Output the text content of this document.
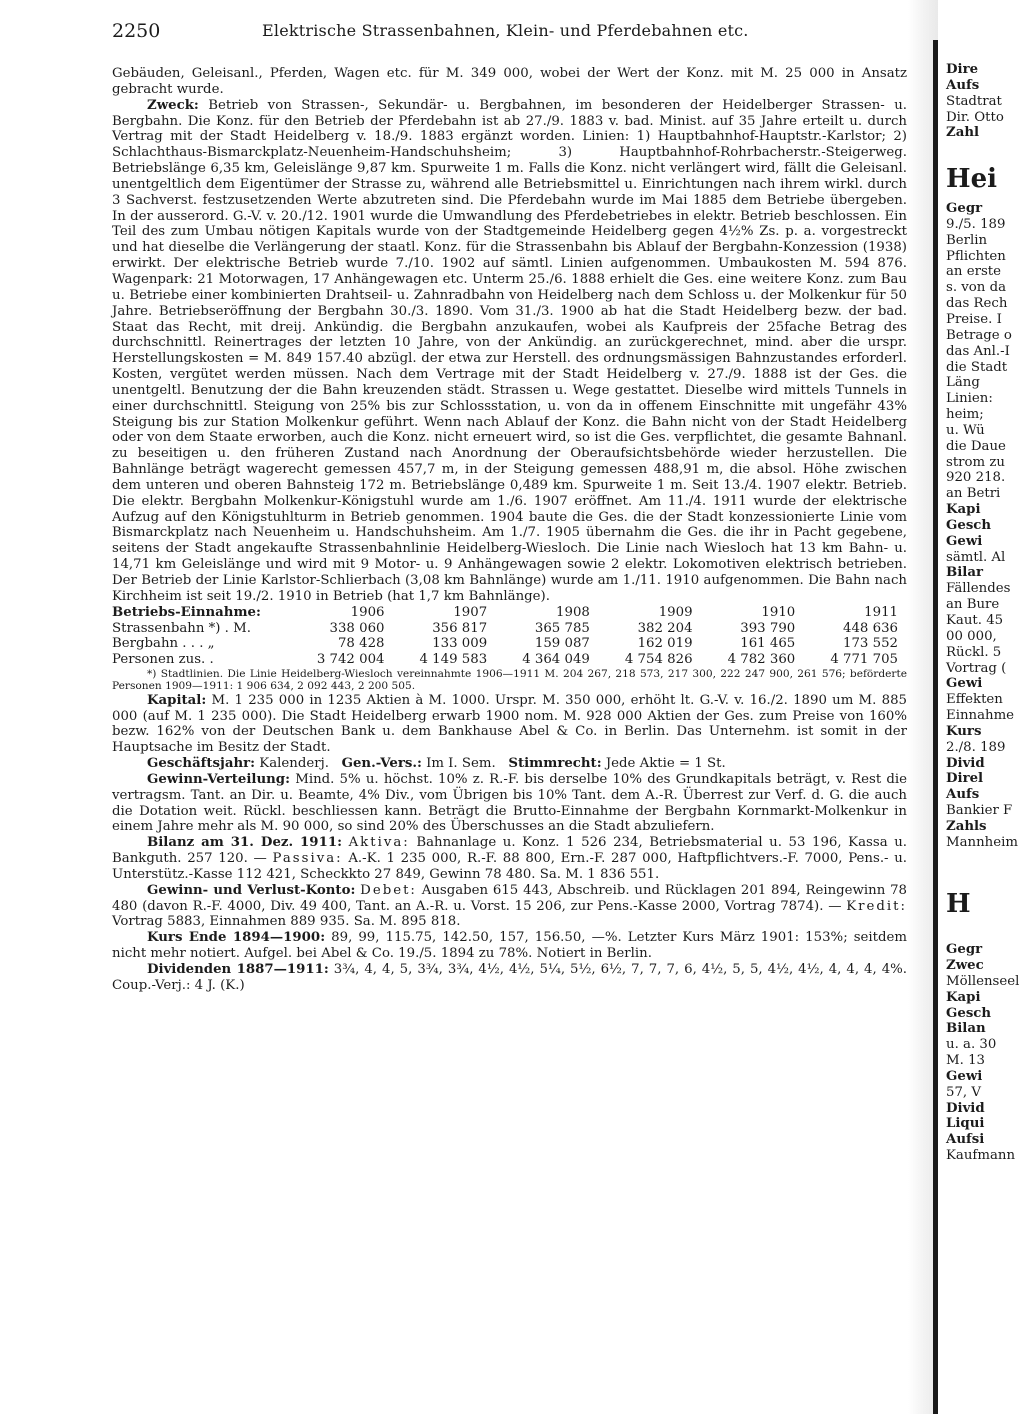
2250	Elektrische Strassenbahnen, Klein- und Pferdebahnen etc.

Gebäuden, Geleisanl., Pferden, Wagen etc. für M. 349 000, wobei der Wert der Konz. mit M. 25 000 in Ansatz gebracht wurde.

Zweck: Betrieb von Strassen-, Sekundär- u. Bergbahnen, im besonderen der Heidelberger Strassen- u. Bergbahn. Die Konz. für den Betrieb der Pferdebahn ist ab 27./9. 1883 v. bad. Minist. auf 35 Jahre erteilt u. durch Vertrag mit der Stadt Heidelberg v. 18./9. 1883 ergänzt worden. Linien: 1) Hauptbahnhof-Hauptstr.-Karlstor; 2) Schlachthaus-Bismarckplatz-Neuenheim-Handschuhsheim; 3) Hauptbahnhof-Rohrbacherstr.-Steigerweg. Betriebslänge 6,35 km, Geleislänge 9,87 km. Spurweite 1 m. Falls die Konz. nicht verlängert wird, fällt die Geleisanl. unentgeltlich dem Eigentümer der Strasse zu, während alle Betriebsmittel u. Einrichtungen nach ihrem wirkl. durch 3 Sachverst. festzusetzenden Werte abzutreten sind. Die Pferdebahn wurde im Mai 1885 dem Betriebe übergeben. In der ausserord. G.-V. v. 20./12. 1901 wurde die Umwandlung des Pferdebetriebes in elektr. Betrieb beschlossen. Ein Teil des zum Umbau nötigen Kapitals wurde von der Stadtgemeinde Heidelberg gegen 4½% Zs. p. a. vorgestreckt und hat dieselbe die Verlängerung der staatl. Konz. für die Strassenbahn bis Ablauf der Bergbahn-Konzession (1938) erwirkt. Der elektrische Betrieb wurde 7./10. 1902 auf sämtl. Linien aufgenommen. Umbaukosten M. 594 876. Wagenpark: 21 Motorwagen, 17 Anhängewagen etc. Unterm 25./6. 1888 erhielt die Ges. eine weitere Konz. zum Bau u. Betriebe einer kombinierten Drahtseil- u. Zahnradbahn von Heidelberg nach dem Schloss u. der Molkenkur für 50 Jahre. Betriebseröffnung der Bergbahn 30./3. 1890. Vom 31./3. 1900 ab hat die Stadt Heidelberg bezw. der bad. Staat das Recht, mit dreij. Ankündig. die Bergbahn anzukaufen, wobei als Kaufpreis der 25fache Betrag des durchschnittl. Reinertrages der letzten 10 Jahre, von der Ankündig. an zurückgerechnet, mind. aber die urspr. Herstellungskosten = M. 849 157.40 abzügl. der etwa zur Herstell. des ordnungsmässigen Bahnzustandes erforderl. Kosten, vergütet werden müssen. Nach dem Vertrage mit der Stadt Heidelberg v. 27./9. 1888 ist der Ges. die unentgeltl. Benutzung der die Bahn kreuzenden städt. Strassen u. Wege gestattet. Dieselbe wird mittels Tunnels in einer durchschnittl. Steigung von 25% bis zur Schlossstation, u. von da in offenem Einschnitte mit ungefähr 43% Steigung bis zur Station Molkenkur geführt. Wenn nach Ablauf der Konz. die Bahn nicht von der Stadt Heidelberg oder von dem Staate erworben, auch die Konz. nicht erneuert wird, so ist die Ges. verpflichtet, die gesamte Bahnanl. zu beseitigen u. den früheren Zustand nach Anordnung der Oberaufsichtsbehörde wieder herzustellen. Die Bahnlänge beträgt wagerecht gemessen 457,7 m, in der Steigung gemessen 488,91 m, die absol. Höhe zwischen dem unteren und oberen Bahnsteig 172 m. Betriebslänge 0,489 km. Spurweite 1 m. Seit 13./4. 1907 elektr. Betrieb. Die elektr. Bergbahn Molkenkur-Königstuhl wurde am 1./6. 1907 eröffnet. Am 11./4. 1911 wurde der elektrische Aufzug auf den Königstuhlturm in Betrieb genommen. 1904 baute die Ges. die der Stadt konzessionierte Linie vom Bismarckplatz nach Neuenheim u. Handschuhsheim. Am 1./7. 1905 übernahm die Ges. die ihr in Pacht gegebene, seitens der Stadt angekaufte Strassenbahnlinie Heidelberg-Wiesloch. Die Linie nach Wiesloch hat 13 km Bahn- u. 14,71 km Geleislänge und wird mit 9 Motor- u. 9 Anhängewagen sowie 2 elektr. Lokomotiven elektrisch betrieben. Der Betrieb der Linie Karlstor-Schlierbach (3,08 km Bahnlänge) wurde am 1./11. 1910 aufgenommen. Die Bahn nach Kirchheim ist seit 19./2. 1910 in Betrieb (hat 1,7 km Bahnlänge).

Betriebs-Einnahme:	1906	1907	1908	1909	1910	1911
Strassenbahn *) . M.	338 060	356 817	365 785	382 204	393 790	448 636
Bergbahn . . . „	78 428	133 009	159 087	162 019	161 465	173 552
Personen zus. .	3 742 004	4 149 583	4 364 049	4 754 826	4 782 360	4 771 705

*) Stadtlinien. Die Linie Heidelberg-Wiesloch vereinnahmte 1906—1911 M. 204 267, 218 573, 217 300, 222 247 900, 261 576; beförderte Personen 1909—1911: 1 906 634, 2 092 443, 2 200 505.

Kapital: M. 1 235 000 in 1235 Aktien à M. 1000. Urspr. M. 350 000, erhöht lt. G.-V. v. 16./2. 1890 um M. 885 000 (auf M. 1 235 000). Die Stadt Heidelberg erwarb 1900 nom. M. 928 000 Aktien der Ges. zum Preise von 160% bezw. 162% von der Deutschen Bank u. dem Bankhause Abel & Co. in Berlin. Das Unternehm. ist somit in der Hauptsache im Besitz der Stadt.

Geschäftsjahr: Kalenderj. Gen.-Vers.: Im I. Sem. Stimmrecht: Jede Aktie = 1 St.

Gewinn-Verteilung: Mind. 5% u. höchst. 10% z. R.-F. bis derselbe 10% des Grundkapitals beträgt, v. Rest die vertragsm. Tant. an Dir. u. Beamte, 4% Div., vom Übrigen bis 10% Tant. dem A.-R. Überrest zur Verf. d. G. die auch die Dotation weit. Rückl. beschliessen kann. Beträgt die Brutto-Einnahme der Bergbahn Kornmarkt-Molkenkur in einem Jahre mehr als M. 90 000, so sind 20% des Überschusses an die Stadt abzuliefern.

Bilanz am 31. Dez. 1911: Aktiva: Bahnanlage u. Konz. 1 526 234, Betriebsmaterial u. 53 196, Kassa u. Bankguth. 257 120. — Passiva: A.-K. 1 235 000, R.-F. 88 800, Ern.-F. 287 000, Haftpflichtvers.-F. 7000, Pens.- u. Unterstütz.-Kasse 112 421, Scheckkto 27 849, Gewinn 78 480. Sa. M. 1 836 551.

Gewinn- und Verlust-Konto: Debet: Ausgaben 615 443, Abschreib. und Rücklagen 201 894, Reingewinn 78 480 (davon R.-F. 4000, Div. 49 400, Tant. an A.-R. u. Vorst. 15 206, zur Pens.-Kasse 2000, Vortrag 7874). — Kredit: Vortrag 5883, Einnahmen 889 935. Sa. M. 895 818.

Kurs Ende 1894—1900: 89, 99, 115.75, 142.50, 157, 156.50, —%. Letzter Kurs März 1901: 153%; seitdem nicht mehr notiert. Aufgel. bei Abel & Co. 19./5. 1894 zu 78%. Notiert in Berlin.

Dividenden 1887—1911: 3¾, 4, 4, 5, 3¾, 3¾, 4½, 4½, 5¼, 5½, 6½, 7, 7, 7, 6, 4½, 5, 5, 4½, 4½, 4, 4, 4, 4%. Coup.-Verj.: 4 J. (K.)

Dire
Aufs
Stadtrat
Dir. Otto
Zahl
Hei
Gegr
9./5. 189
Berlin
Pflichten
an erste
s. von da
das Rech
Preise. I
Betrage o
das Anl.-I
die Stadt
Läng
Linien:
heim;
u. Wü
die Daue
strom zu
920 218.
an Betri
Kapi
Gesch
Gewi
sämtl. Al
Bilar
Fällendes
an Bure
Kaut. 45
00 000,
Rückl. 5
Vortrag (
Gewi
Effekten
Einnahme
Kurs
2./8. 189
Divid
Direl
Aufs
Bankier F
Zahls
Mannheim
H
Gegr
Zwec
Möllenseel
Kapi
Gesch
Bilan
u. a. 30
M. 13
Gewi
57, V
Divid
Liqui
Aufsi
Kaufmann
